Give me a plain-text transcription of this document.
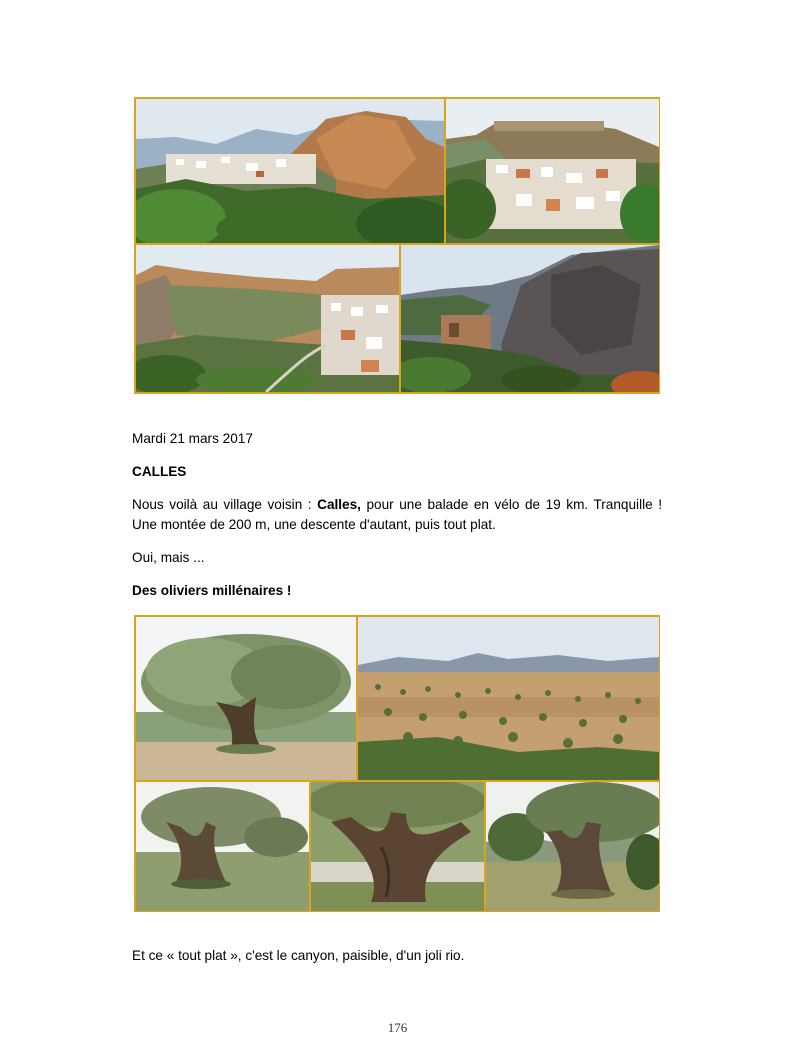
Mardi 21 mars 2017
CALLES
Nous voilà au village voisin : Calles, pour une balade en vélo de 19 km. Tranquille ! Une montée de 200 m, une descente d'autant, puis tout plat.
Oui, mais ...
Des oliviers millénaires !
Et ce « tout plat », c'est le canyon, paisible, d'un joli rio.
176
